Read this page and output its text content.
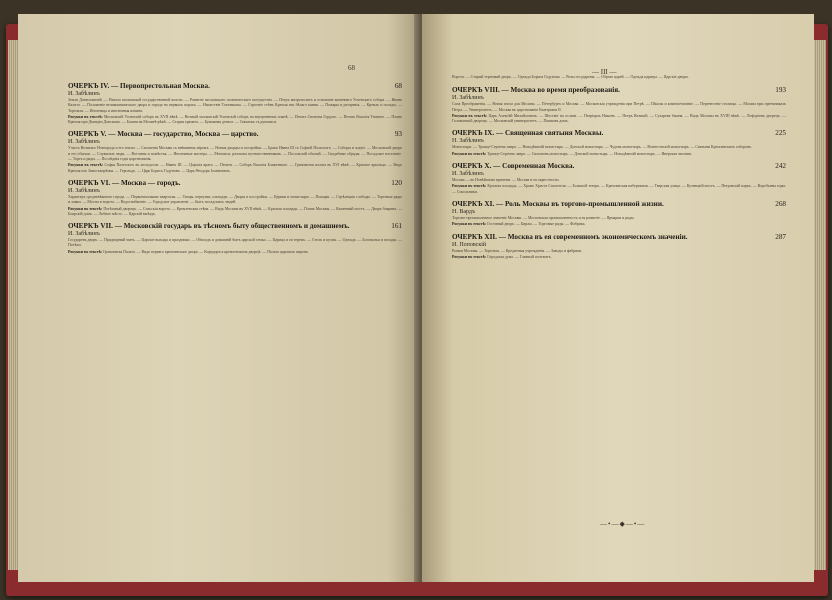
68
ОЧЕРКЪ IV. — Первопрестольная Москва.	68
И. Забѣлинъ
Земли Даниловичей. — Начало московской государственной власти. — Развитіе московскаго политическаго могущества. — Петръ митрополитъ и основаніе каменнаго Успенскаго собора. — Иванъ Калита. — Положеніе великокняжескаго двора и города на первыхъ порахъ. — Нашествіе Тохтамыша. — Строеніе стѣнъ Кремля изъ бѣлаго камня. — Пожары и разоренія. — Кремль и посады. — Торговля. — Иноземцы и иноземныя вліянія.
Рисунки въ текстѣ: Московскій Успенскій соборъ въ XVII вѣкѣ. — Великій московскій Успенскій соборъ на внутреннемъ планѣ. — Печать Симеона Гордаго. — Печать Василія Темнаго. — Планъ Кремля при Дмитріи Донскомъ. — Башня на Москвѣ-рѣкѣ. — Старая грамата. — Бумажная деньга. — Снимокъ съ рукописи.
ОЧЕРКЪ V. — Москва — государство, Москва — царство.	93
И. Забѣлинъ
Участь Великаго Новгорода и его земли. — Сношенія Москвы съ внѣшнимъ міромъ. — Новыя дворцы и постройки. — Бракъ Ивана III съ Софьей Палеологъ. — Соборы и зодчіе. — Московскій дворъ и его обычаи. — Служилые люди. — Вотчины и помѣстья. — Иноземные мастера. — Лѣтописи, разсказы путешественниковъ. — Посольскій обычай. — Свадебные обряды. — Посадское населеніе. — Торгъ и ряды. — Послѣднія годы царствованія.
Рисунки въ текстѣ: Софья Палеологъ въ молодости. — Иванъ III. — Царскія врата. — Печати. — Соборъ Василія Блаженнаго. — Грановитая палата въ XVI вѣкѣ. — Красное крыльцо. — Видъ Кремля изъ Замоскворѣчья. — Герольдъ. — Царь Борисъ Годуновъ. — Царь Ѳеодоръ Іоанновичъ.
ОЧЕРКЪ VI. — Москва — городъ.	120
И. Забѣлинъ
Характеръ средневѣковаго города. — Первоначальные кварталы. — Улицы, переулки, площади. — Дворы и постройки. — Церкви и монастыри. — Пожары. — Стрѣлецкія слободы. — Торговые ряды и лавки. — Мосты и ворота. — Водоснабженіе. — Городское управленіе. — Бытъ посадскихъ людей.
Рисунки въ текстѣ: Потѣшный дворецъ. — Спасскія ворота. — Кремлевская стѣна. — Видъ Москвы въ XVII вѣкѣ. — Красная площадь. — Планъ Москвы. — Каменный мостъ. — Дворъ боярина. — Боярскій домъ. — Лобное мѣсто. — Царскій выѣздъ.
ОЧЕРКЪ VII. — Московскій государь въ тѣсномъ быту общественномъ и домашнемъ.	161
И. Забѣлинъ
Государевъ дворъ. — Придворный чинъ. — Царскіе выходы и праздники. — Обиходъ и домашній бытъ царской семьи. — Царица и ея теремъ. — Столъ и кухня. — Одежда. — Богомолья и походы. — Потѣхи.
Рисунки въ текстѣ: Грановитая Палата. — Видъ перваго кремлевскаго двора. — Коридоръ в кремлевскомъ дворцѣ. — Палата царскихъ пировъ.
— III —
Ворота. — Старый терновый дворъ. — Одежда Бориса Годунова. — Ризы государевы. — Образъ царей. — Одежда царицы. — Царскіе дворы.
ОЧЕРКЪ VIII. — Москва во время преобразованія.	193
И. Забѣлинъ
Сила Преображенія. — Новая эпоха для Москвы. — Петербургъ и Москва. — Московскія учрежденія при Петрѣ. — Школы и книгопечатаніе. — Перенесеніе столицы. — Москва при преемникахъ Петра. — Университетъ. — Москва въ царствованіе Екатерины II.
Рисунки въ текстѣ: Царь Алексѣй Михайловичъ. — Шествіе на осляти. — Патріархъ Никонъ. — Петръ Великій. — Сухарева башня. — Видъ Москвы въ XVIII вѣкѣ. — Лефортовъ дворецъ. — Головинскій дворецъ. — Московскій университетъ. — Пашковъ домъ.
ОЧЕРКЪ IX. — Священная святыня Москвы.	225
Н. Забѣлинъ
Монастыри. — Троице-Сергіева лавра. — Новодѣвичій монастырь. — Донской монастырь. — Чудовъ монастырь. — Вознесенскій монастырь. — Святыни Кремлевскихъ соборовъ.
Рисунки въ текстѣ: Троице-Сергіева лавра. — Симоновъ монастырь. — Донской монастырь. — Новодѣвичій монастырь. — Иверская часовня.
ОЧЕРКЪ X. — Современная Москва.	242
И. Забѣлинъ
Москва — въ Новѣйшемъ времени. — Москва и ея окрестности.
Рисунки въ текстѣ: Красная площадь. — Храмъ Христа Спасителя. — Большой театръ. — Кремлевская набережная. — Тверская улица. — Кузнецкій мостъ. — Петровскій паркъ. — Воробьевы горы. — Сокольники.
ОЧЕРКЪ XI. — Роль Москвы въ торгово-промышленной жизни.	268
Н. Вардъ
Торгово-промышленное значеніе Москвы. — Московская промышленность и ея развитіе. — Ярмарки и ряды.
Рисунки въ текстѣ: Гостиный дворъ. — Биржа. — Торговые ряды. — Фабрика.
ОЧЕРКЪ XII. — Москва въ ея современномъ экономическомъ значеніи.	287
И. Поповскій
Рынки Москвы. — Торговля. — Кредитныя учрежденія. — Заводы и фабрики.
Рисунки въ текстѣ: Городская дума. — Главный почтамтъ.
—•—◆—•—
